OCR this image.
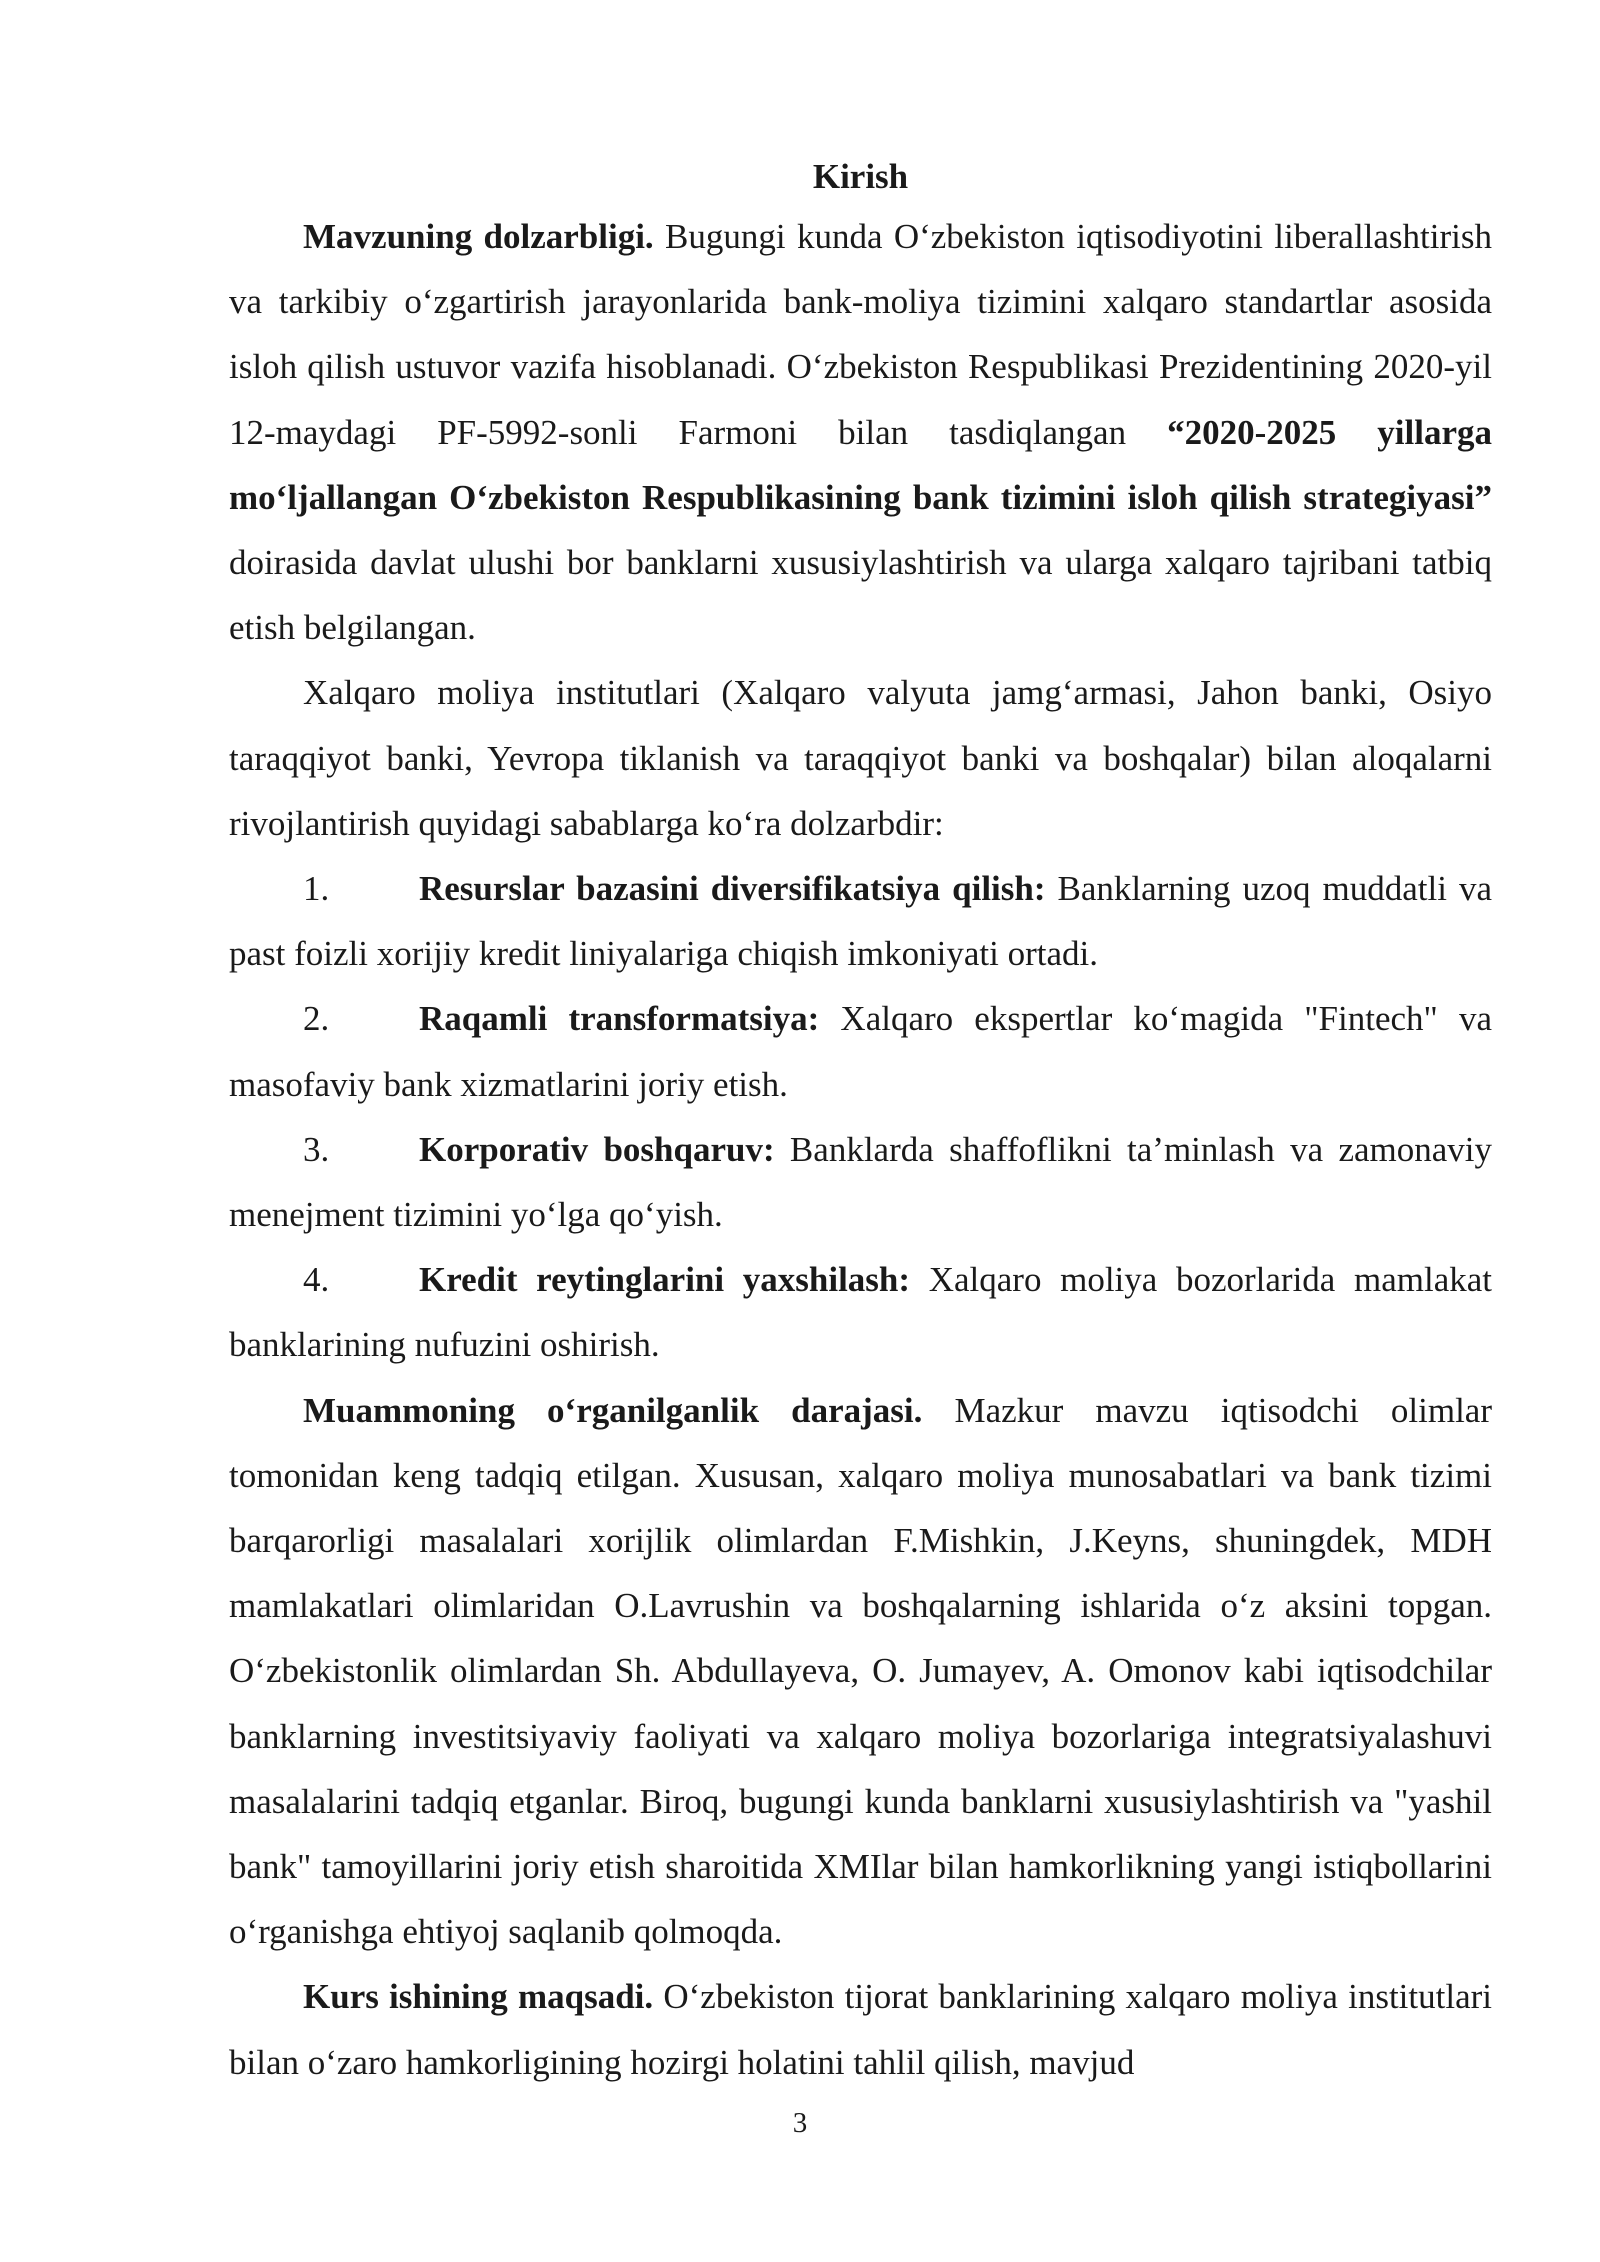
Kirish

Mavzuning dolzarbligi. Bugungi kunda O‘zbekiston iqtisodiyotini liberallashtirish va tarkibiy o‘zgartirish jarayonlarida bank-moliya tizimini xalqaro standartlar asosida isloh qilish ustuvor vazifa hisoblanadi. O‘zbekiston Respublikasi Prezidentining 2020-yil 12-maydagi PF-5992-sonli Farmoni bilan tasdiqlangan “2020-2025 yillarga mo‘ljallangan O‘zbekiston Respublikasining bank tizimini isloh qilish strategiyasi” doirasida davlat ulushi bor banklarni xususiylashtirish va ularga xalqaro tajribani tatbiq etish belgilangan.

Xalqaro moliya institutlari (Xalqaro valyuta jamg‘armasi, Jahon banki, Osiyo taraqqiyot banki, Yevropa tiklanish va taraqqiyot banki va boshqalar) bilan aloqalarni rivojlantirish quyidagi sabablarga ko‘ra dolzarbdir:

1.	Resurslar bazasini diversifikatsiya qilish: Banklarning uzoq muddatli va past foizli xorijiy kredit liniyalariga chiqish imkoniyati ortadi.

2.	Raqamli transformatsiya: Xalqaro ekspertlar ko‘magida "Fintech" va masofaviy bank xizmatlarini joriy etish.

3.	Korporativ boshqaruv: Banklarda shaffoflikni ta’minlash va zamonaviy menejment tizimini yo‘lga qo‘yish.

4.	Kredit reytinglarini yaxshilash: Xalqaro moliya bozorlarida mamlakat banklarining nufuzini oshirish.

Muammoning o‘rganilganlik darajasi. Mazkur mavzu iqtisodchi olimlar tomonidan keng tadqiq etilgan. Xususan, xalqaro moliya munosabatlari va bank tizimi barqarorligi masalalari xorijlik olimlardan F.Mishkin, J.Keyns, shuningdek, MDH mamlakatlari olimlaridan O.Lavrushin va boshqalarning ishlarida o‘z aksini topgan. O‘zbekistonlik olimlardan Sh. Abdullayeva, O. Jumayev, A. Omonov kabi iqtisodchilar banklarning investitsiyaviy faoliyati va xalqaro moliya bozorlariga integratsiyalashuvi masalalarini tadqiq etganlar. Biroq, bugungi kunda banklarni xususiylashtirish va "yashil bank" tamoyillarini joriy etish sharoitida XMIlar bilan hamkorlikning yangi istiqbollarini o‘rganishga ehtiyoj saqlanib qolmoqda.

Kurs ishining maqsadi. O‘zbekiston tijorat banklarining xalqaro moliya institutlari bilan o‘zaro hamkorligining hozirgi holatini tahlil qilish, mavjud

3
